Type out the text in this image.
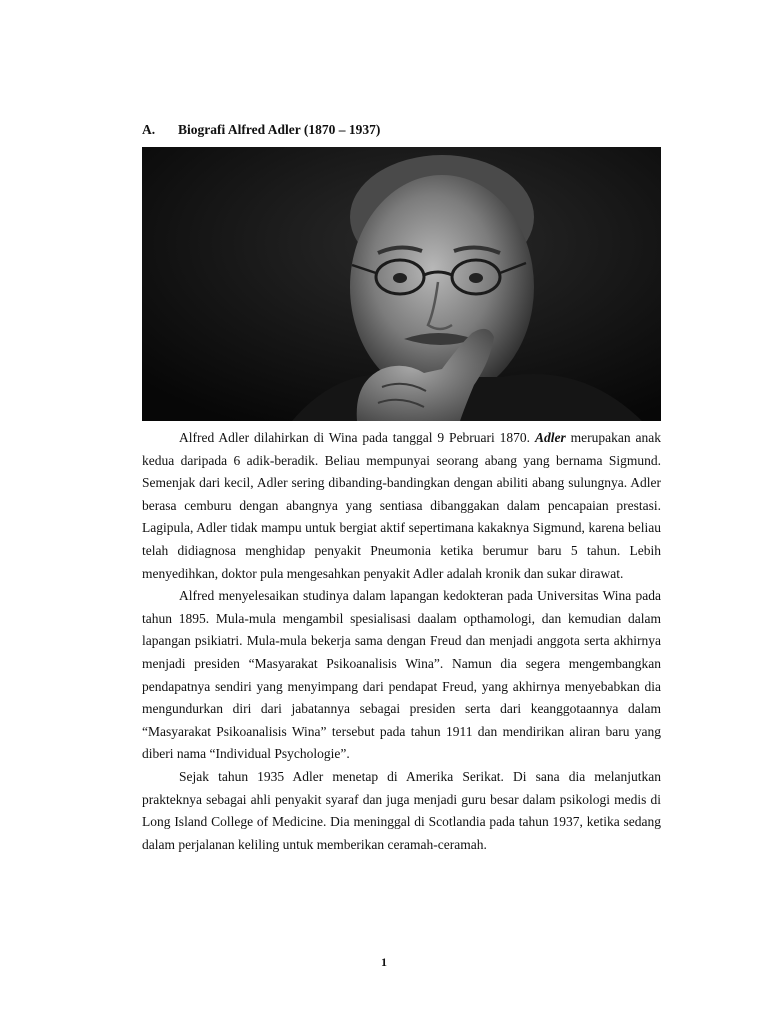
A. Biografi Alfred Adler (1870 – 1937)

Alfred Adler dilahirkan di Wina pada tanggal 9 Pebruari 1870. Adler merupakan anak kedua daripada 6 adik-beradik. Beliau mempunyai seorang abang yang bernama Sigmund. Semenjak dari kecil, Adler sering dibanding-bandingkan dengan abiliti abang sulungnya. Adler berasa cemburu dengan abangnya yang sentiasa dibanggakan dalam pencapaian prestasi. Lagipula, Adler tidak mampu untuk bergiat aktif sepertimana kakaknya Sigmund, karena beliau telah didiagnosa menghidap penyakit Pneumonia ketika berumur baru 5 tahun. Lebih menyedihkan, doktor pula mengesahkan penyakit Adler adalah kronik dan sukar dirawat.

Alfred menyelesaikan studinya dalam lapangan kedokteran pada Universitas Wina pada tahun 1895. Mula-mula mengambil spesialisasi daalam opthamologi, dan kemudian dalam lapangan psikiatri. Mula-mula bekerja sama dengan Freud dan menjadi anggota serta akhirnya menjadi presiden “Masyarakat Psikoanalisis Wina”. Namun dia segera mengembangkan pendapatnya sendiri yang menyimpang dari pendapat Freud, yang akhirnya menyebabkan dia mengundurkan diri dari jabatannya sebagai presiden serta dari keanggotaannya dalam “Masyarakat Psikoanalisis Wina” tersebut pada tahun 1911 dan mendirikan aliran baru yang diberi nama “Individual Psychologie”.

Sejak tahun 1935 Adler menetap di Amerika Serikat. Di sana dia melanjutkan prakteknya sebagai ahli penyakit syaraf dan juga menjadi guru besar dalam psikologi medis di Long Island College of Medicine. Dia meninggal di Scotlandia pada tahun 1937, ketika sedang dalam perjalanan keliling untuk memberikan ceramah-ceramah.

1
